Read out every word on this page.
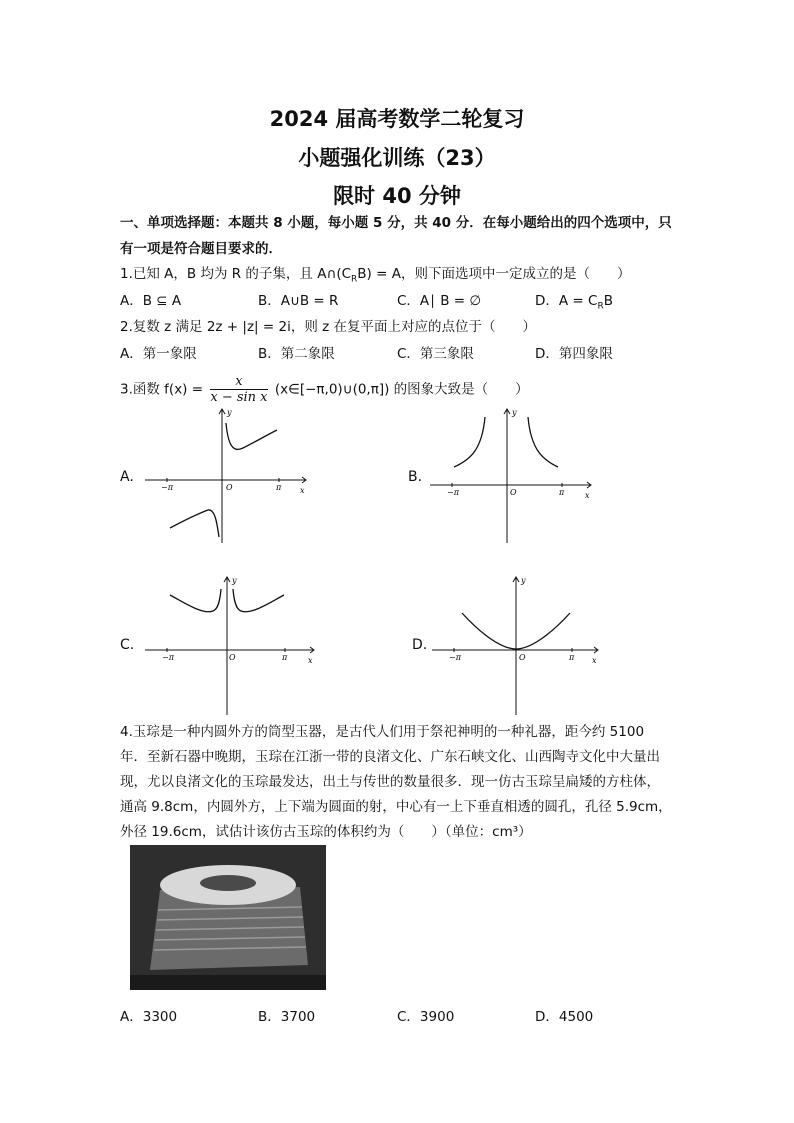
2024 届高考数学二轮复习
小题强化训练（23）
限时 40 分钟
一、单项选择题：本题共 8 小题，每小题 5 分，共 40 分．在每小题给出的四个选项中，只
有一项是符合题目要求的．
1.已知 A，B 均为 R 的子集，且 $A\cap(C_RB) = A$，则下面选项中一定成立的是（　　）
A．B ⊆ A	B．A∪B = R	C．A∣ B = ∅	D．$A = C_RB$
2.复数 z 满足 2z + |z| = 2i，则 z 在复平面上对应的点位于（　　）
A．第一象限	B．第二象限	C．第三象限	D．第四象限
3.函数 $f(x) = \frac{x}{\text{x − sin x}}$ (x∈[−π,0)∪(0,π]) 的图象大致是（　　）
A.	B.
C.	D.
−π	O	π x
y
−π	O	π	x
y
−π	O	π	x
y
−π	O	π x
y
4.玉琮是一种内圆外方的筒型玉器，是古代人们用于祭祀神明的一种礼器，距今约 5100
年．至新石器中晚期，玉琮在江浙一带的良渚文化、广东石峡文化、山西陶寺文化中大量出
现，尤以良渚文化的玉琮最发达，出土与传世的数量很多．现一仿古玉琮呈扁矮的方柱体，
通高 9.8cm，内圆外方，上下端为圆面的射，中心有一上下垂直相透的圆孔，孔径 5.9cm，
外径 19.6cm，试估计该仿古玉琮的体积约为（　　）（单位：cm³）
A．3300	B．3700	C．3900	D．4500
